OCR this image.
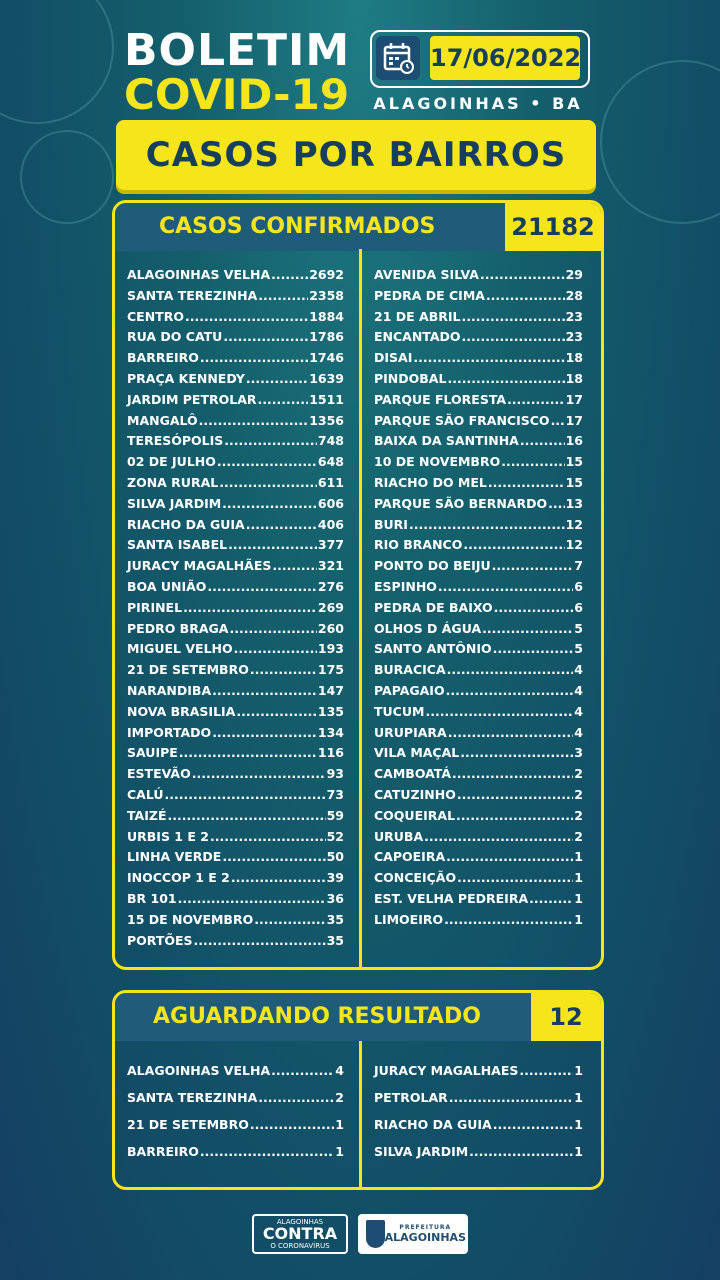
BOLETIM
COVID-19
17/06/2022
ALAGOINHAS • BA
CASOS POR BAIRROS
CASOS CONFIRMADOS	21182
ALAGOINHAS VELHA .....	2692
SANTA TEREZINHA .....	2358
CENTRO .....	1884
RUA DO CATU .....	1786
BARREIRO .....	1746
PRAÇA KENNEDY .....	1639
JARDIM PETROLAR .....	1511
MANGALÔ .....	1356
TERESÓPOLIS .....	748
02 DE JULHO .....	648
ZONA RURAL .....	611
SILVA JARDIM .....	606
RIACHO DA GUIA .....	406
SANTA ISABEL .....	377
JURACY MAGALHÃES .....	321
BOA UNIÃO .....	276
PIRINEL .....	269
PEDRO BRAGA .....	260
MIGUEL VELHO .....	193
21 DE SETEMBRO .....	175
NARANDIBA .....	147
NOVA BRASILIA .....	135
IMPORTADO .....	134
SAUIPE .....	116
ESTEVÃO .....	93
CALÚ .....	73
TAIZÉ .....	59
URBIS 1 E 2 .....	52
LINHA VERDE .....	50
INOCCOP 1 E 2 .....	39
BR 101 .....	36
15 DE NOVEMBRO .....	35
PORTÕES .....	35
AVENIDA SILVA .....	29
PEDRA DE CIMA .....	28
21 DE ABRIL .....	23
ENCANTADO .....	23
DISAI .....	18
PINDOBAL .....	18
PARQUE FLORESTA .....	17
PARQUE SÃO FRANCISCO ..... 17
BAIXA DA SANTINHA .....	16
10 DE NOVEMBRO .....	15
RIACHO DO MEL .....	15
PARQUE SÃO BERNARDO ..... 13
BURI .....	12
RIO BRANCO .....	12
PONTO DO BEIJU .....	7
ESPINHO .....	6
PEDRA DE BAIXO .....	6
OLHOS D ÁGUA .....	5
SANTO ANTÔNIO .....	5
BURACICA .....	4
PAPAGAIO .....	4
TUCUM .....	4
URUPIARA .....	4
VILA MAÇAL .....	3
CAMBOATÁ .....	2
CATUZINHO .....	2
COQUEIRAL .....	2
URUBA .....	2
CAPOEIRA .....	1
CONCEIÇÃO .....	1
EST. VELHA PEDREIRA .....	1
LIMOEIRO .....	1
AGUARDANDO RESULTADO	12
ALAGOINHAS VELHA .....	4
SANTA TEREZINHA .....	2
21 DE SETEMBRO .....	1
BARREIRO .....	1
JURACY MAGALHAES .....	1
PETROLAR .....	1
RIACHO DA GUIA .....	1
SILVA JARDIM .....	1
ALAGOINHAS
CONTRA
O CORONAVÍRUS
PREFEITURA
ALAGOINHAS
